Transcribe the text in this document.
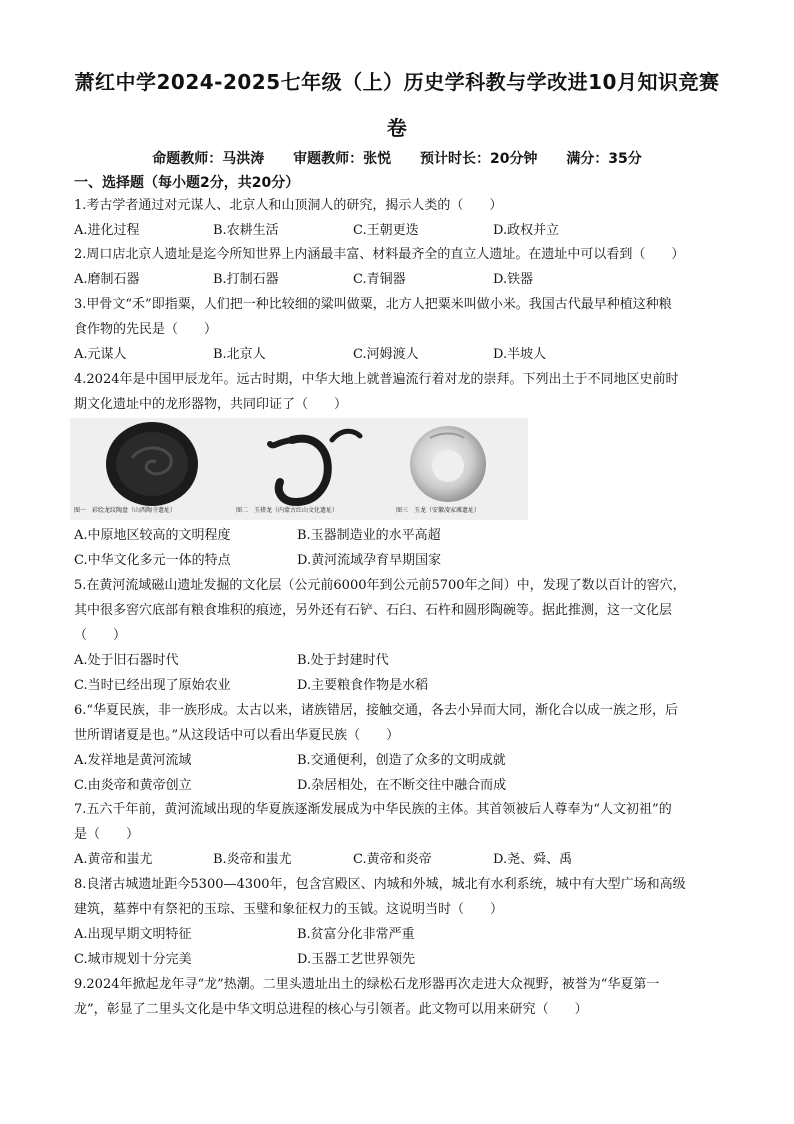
萧红中学2024-2025七年级（上）历史学科教与学改进10月知识竞赛
卷
命题教师：马洪涛 审题教师：张悦 预计时长：20分钟 满分：35分
一、选择题（每小题2分，共20分）
1.考古学者通过对元谋人、北京人和山顶洞人的研究，揭示人类的（　　）
A.进化过程	B.农耕生活	C.王朝更迭	D.政权并立
2.周口店北京人遗址是迄今所知世界上内涵最丰富、材料最齐全的直立人遗址。在遗址中可以看到（　　）
A.磨制石器	B.打制石器	C.青铜器	D.铁器
3.甲骨文“禾”即指粟，人们把一种比较细的粱叫做粟，北方人把粟米叫做小米。我国古代最早种植这种粮
食作物的先民是（　　）
A.元谋人	B.北京人	C.河姆渡人	D.半坡人
4.2024年是中国甲辰龙年。远古时期，中华大地上就普遍流行着对龙的崇拜。下列出土于不同地区史前时
期文化遗址中的龙形器物，共同印证了（　　）
图一　彩绘龙纹陶盘（山西陶寺遗址）	图二　玉猪龙（内蒙古红山文化遗址）	图三　玉龙（安徽凌家滩遗址）
A.中原地区较高的文明程度	B.玉器制造业的水平高超
C.中华文化多元一体的特点	D.黄河流域孕育早期国家
5.在黄河流域磁山遗址发掘的文化层（公元前6000年到公元前5700年之间）中，发现了数以百计的窖穴，
其中很多窖穴底部有粮食堆积的痕迹，另外还有石铲、石臼、石杵和圆形陶碗等。据此推测，这一文化层
（　　）
A.处于旧石器时代	B.处于封建时代
C.当时已经出现了原始农业	D.主要粮食作物是水稻
6.“华夏民族，非一族形成。太古以来，诸族错居，接触交通，各去小异而大同，渐化合以成一族之形，后
世所谓诸夏是也。”从这段话中可以看出华夏民族（　　）
A.发祥地是黄河流域	B.交通便利，创造了众多的文明成就
C.由炎帝和黄帝创立	D.杂居相处，在不断交往中融合而成
7.五六千年前，黄河流域出现的华夏族逐渐发展成为中华民族的主体。其首领被后人尊奉为“人文初祖”的
是（　　）
A.黄帝和蚩尤	B.炎帝和蚩尤	C.黄帝和炎帝	D.尧、舜、禹
8.良渚古城遗址距今5300—4300年，包含宫殿区、内城和外城，城北有水利系统，城中有大型广场和高级
建筑，墓葬中有祭祀的玉琮、玉璧和象征权力的玉钺。这说明当时（　　）
A.出现早期文明特征	B.贫富分化非常严重
C.城市规划十分完美	D.玉器工艺世界领先
9.2024年掀起龙年寻“龙”热潮。二里头遗址出土的绿松石龙形器再次走进大众视野，被誉为“华夏第一
龙”，彰显了二里头文化是中华文明总进程的核心与引领者。此文物可以用来研究（　　）
